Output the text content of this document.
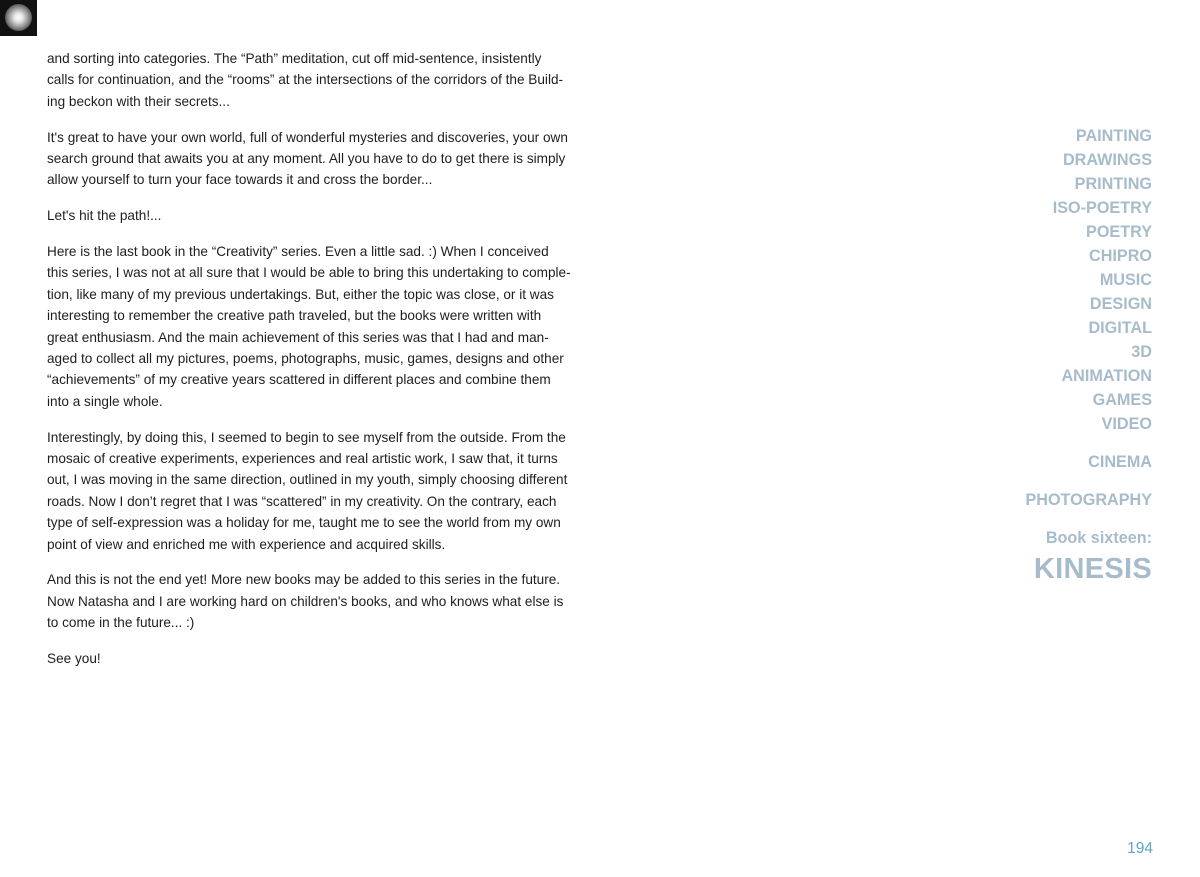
and sorting into categories. The “Path” meditation, cut off mid-sentence, insistently
calls for continuation, and the “rooms” at the intersections of the corridors of the Build-
ing beckon with their secrets...

It's great to have your own world, full of wonderful mysteries and discoveries, your own
search ground that awaits you at any moment. All you have to do to get there is simply
allow yourself to turn your face towards it and cross the border...

Let's hit the path!...

Here is the last book in the “Creativity” series. Even a little sad. :) When I conceived
this series, I was not at all sure that I would be able to bring this undertaking to comple-
tion, like many of my previous undertakings. But, either the topic was close, or it was
interesting to remember the creative path traveled, but the books were written with
great enthusiasm. And the main achievement of this series was that I had and man-
aged to collect all my pictures, poems, photographs, music, games, designs and other
“achievements” of my creative years scattered in different places and combine them
into a single whole.

Interestingly, by doing this, I seemed to begin to see myself from the outside. From the
mosaic of creative experiments, experiences and real artistic work, I saw that, it turns
out, I was moving in the same direction, outlined in my youth, simply choosing different
roads. Now I don’t regret that I was “scattered” in my creativity. On the contrary, each
type of self-expression was a holiday for me, taught me to see the world from my own
point of view and enriched me with experience and acquired skills.

And this is not the end yet! More new books may be added to this series in the future.
Now Natasha and I are working hard on children's books, and who knows what else is
to come in the future... :)

See you!

PAINTING
DRAWINGS
PRINTING
ISO-POETRY
POETRY
CHIPRO
MUSIC
DESIGN
DIGITAL
3D
ANIMATION
GAMES
VIDEO
CINEMA
PHOTOGRAPHY
Book sixteen:
KINESIS
194
